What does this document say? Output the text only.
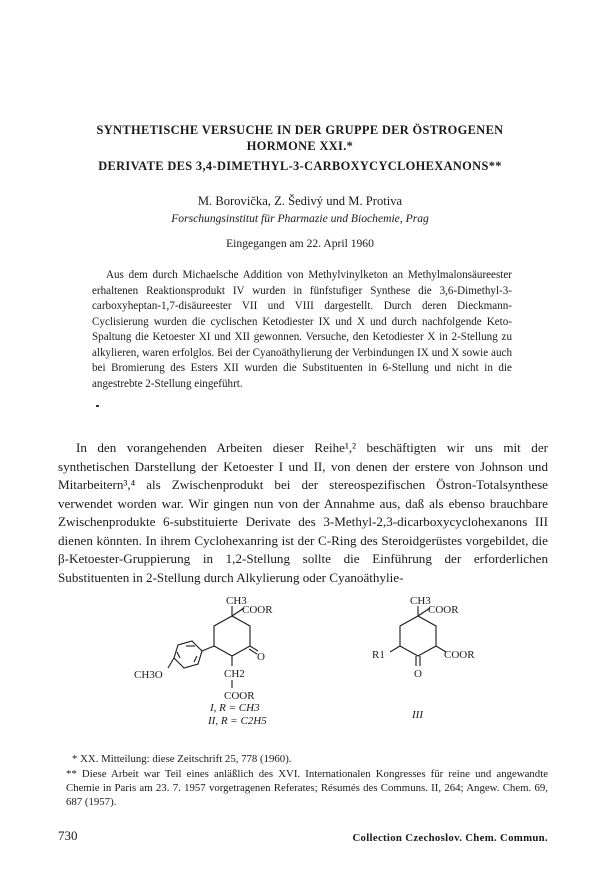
SYNTHETISCHE VERSUCHE IN DER GRUPPE DER ÖSTROGENEN
HORMONE XXI.*
DERIVATE DES 3,4-DIMETHYL-3-CARBOXYCYCLOHEXANONS**
M. Borovička, Z. Šedivý und M. Protiva
Forschungsinstitut für Pharmazie und Biochemie, Prag
Eingegangen am 22. April 1960

Aus dem durch Michaelsche Addition von Methylvinylketon an Methylmalonsäureester erhaltenen Reaktionsprodukt IV wurden in fünfstufiger Synthese die 3,6-Dimethyl-3-carboxyheptan-1,7-disäureester VII und VIII dargestellt. Durch deren Dieckmann-Cyclisierung wurden die cyclischen Ketodiester IX und X und durch nachfolgende Keto-Spaltung die Ketoester XI und XII gewonnen. Versuche, den Ketodiester X in 2-Stellung zu alkylieren, waren erfolglos. Bei der Cyanoäthylierung der Verbindungen IX und X sowie auch bei Bromierung des Esters XII wurden die Substituenten in 6-Stellung und nicht in die angestrebte 2-Stellung eingeführt.

In den vorangehenden Arbeiten dieser Reihe¹,² beschäftigten wir uns mit der synthetischen Darstellung der Ketoester I und II, von denen der erstere von Johnson und Mitarbeitern³,⁴ als Zwischenprodukt bei der stereospezifischen Östron-Totalsynthese verwendet worden war. Wir gingen nun von der Annahme aus, daß als ebenso brauchbare Zwischenprodukte 6-substituierte Derivate des 3-Methyl-2,3-dicarboxycyclohexanons III dienen könnten. In ihrem Cyclohexanring ist der C-Ring des Steroidgerüstes vorgebildet, die β-Ketoester-Gruppierung in 1,2-Stellung sollte die Einführung der erforderlichen Substituenten in 2-Stellung durch Alkylierung oder Cyanoäthylie-

CH3
COOR
O
CH2
COOR
CH3O
I, R = CH3
II, R = C2H5
CH3
COOR
COOR
R1
O
III

* XX. Mitteilung: diese Zeitschrift 25, 778 (1960).

** Diese Arbeit war Teil eines anläßlich des XVI. Internationalen Kongresses für reine und angewandte Chemie in Paris am 23. 7. 1957 vorgetragenen Referates; Résumés des Communs. II, 264; Angew. Chem. 69, 687 (1957).

730	Collection Czechoslov. Chem. Commun.
